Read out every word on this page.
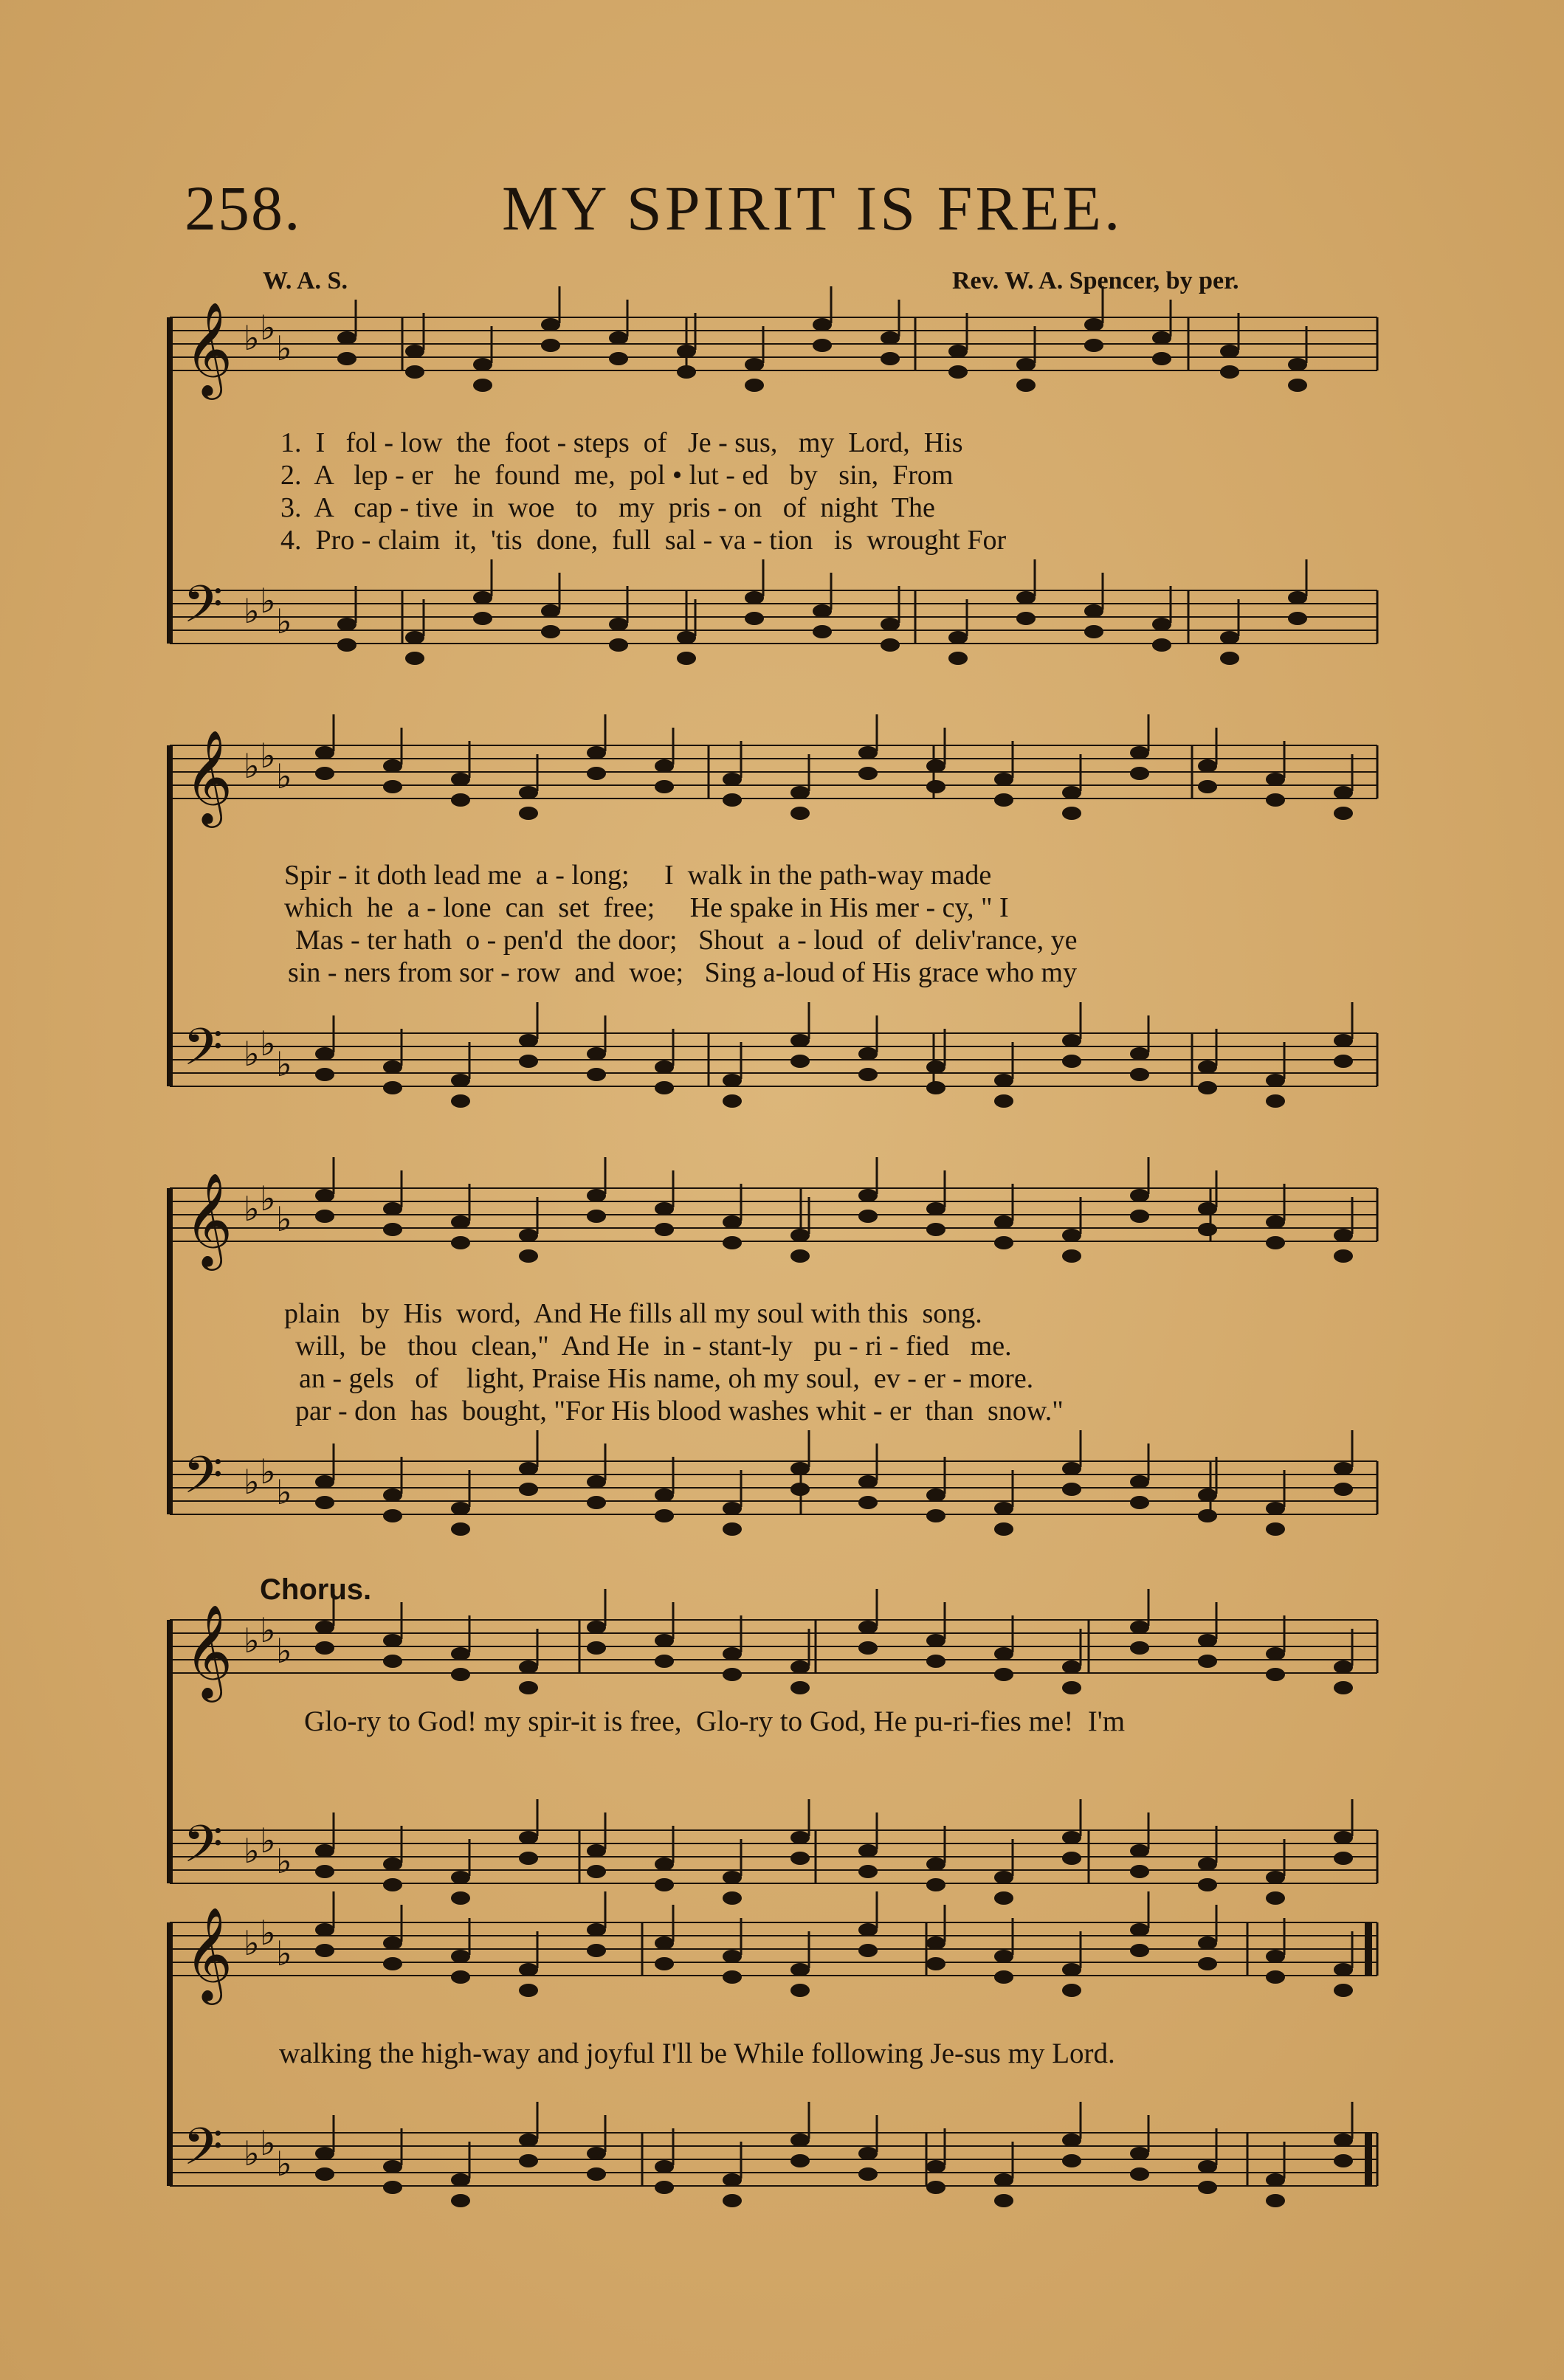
𝄞
𝄢
♭
♭
♭
♭
♭
♭
𝄞
𝄢
♭
♭
♭
♭
♭
♭
𝄞
𝄢
♭
♭
♭
♭
♭
♭
𝄞
𝄢
♭
♭
♭
♭
♭
♭
𝄞
𝄢
♭
♭
♭
♭
♭
♭
258.	MY SPIRIT IS FREE.
W. A. S.	Rev. W. A. Spencer, by per.
1.  I   fol - low  the  foot - steps  of   Je - sus,   my  Lord,  His
2.  A   lep - er   he  found  me,  pol • lut - ed   by   sin,  From
3.  A   cap - tive  in  woe   to   my  pris - on   of  night  The
4.  Pro - claim  it,  'tis  done,  full  sal - va - tion   is  wrought For
Spir - it doth lead me  a - long;     I  walk in the path-way made
which  he  a - lone  can  set  free;     He spake in His mer - cy, " I
Mas - ter hath  o - pen'd  the door;   Shout  a - loud  of  deliv'rance, ye
sin - ners from sor - row  and  woe;   Sing a-loud of His grace who my
plain   by  His  word,  And He fills all my soul with this  song.
will,  be   thou  clean,"  And He  in - stant-ly   pu - ri - fied   me.
an - gels   of    light, Praise His name, oh my soul,  ev - er - more.
par - don  has  bought, "For His blood washes whit - er  than  snow."
Chorus.
Glo-ry to God! my spir-it is free,  Glo-ry to God, He pu-ri-fies me!  I'm
walking the high-way and joyful I'll be While following Je-sus my Lord.
